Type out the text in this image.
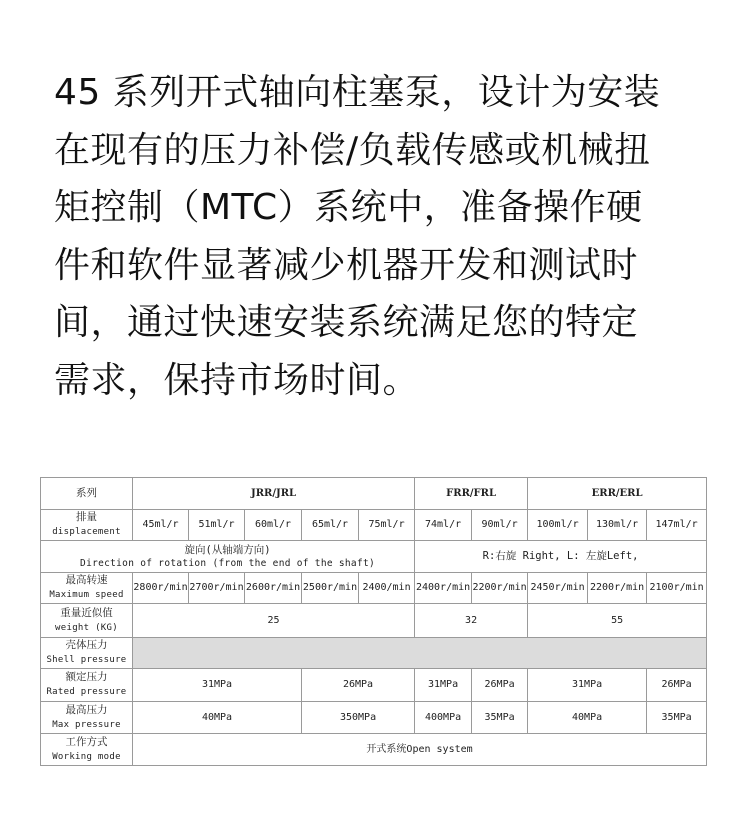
45 系列开式轴向柱塞泵，设计为安装
在现有的压力补偿/负载传感或机械扭
矩控制（MTC）系统中，准备操作硬
件和软件显著减少机器开发和测试时
间，通过快速安装系统满足您的特定
需求，保持市场时间。
系列	JRR/JRL					FRR/FRL		ERR/ERL		

排量
displacement	45ml/r	51ml/r	60ml/r	65ml/r	75ml/r	74ml/r	90ml/r	100ml/r	130ml/r	147ml/r

旋向(从轴端方向)
Direction of rotation (from the end of the shaft)						R:右旋 Right, L: 左旋Left,				

最高转速
Maximum speed	2800r/min	2700r/min	2600r/min	2500r/min	2400/min	2400r/min	2200r/min	2450r/min	2200r/min	2100r/min

重量近似值
weight (KG)	25					32		55		

壳体压力
Shell pressure										

额定压力
Rated pressure	31MPa			26MPa		31MPa	26MPa	31MPa		26MPa

最高压力
Max pressure	40MPa			350MPa		400MPa	35MPa	40MPa		35MPa

工作方式
Working mode	开式系统Open system									
